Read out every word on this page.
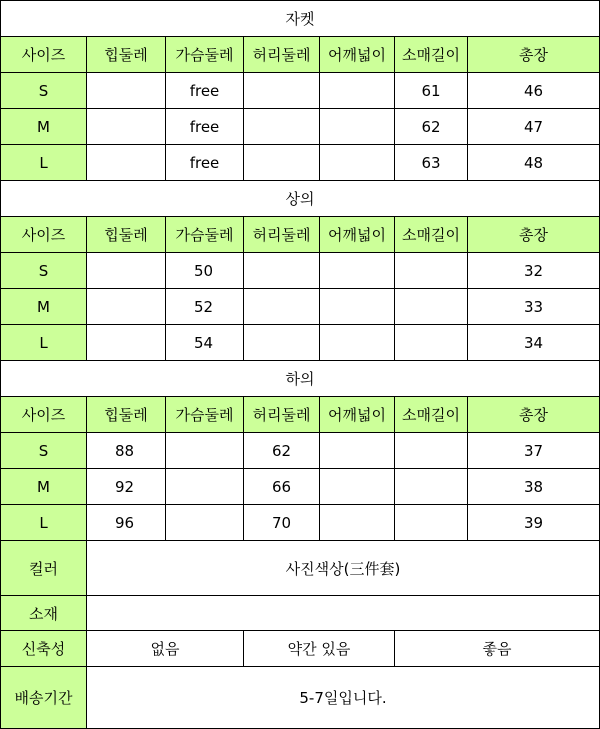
자켓						
사이즈	힙둘레	가슴둘레	허리둘레	어깨넓이	소매길이	총장
S		free			61	46
M		free			62	47
L		free			63	48
상의						
사이즈	힙둘레	가슴둘레	허리둘레	어깨넓이	소매길이	총장
S		50				32
M		52				33
L		54				34
하의						
사이즈	힙둘레	가슴둘레	허리둘레	어깨넓이	소매길이	총장
S	88		62			37
M	92		66			38
L	96		70			39
컬러	사진색상(三件套)					
소재						
신축성	없음		약간 있음		좋음	
배송기간	5-7일입니다.					
